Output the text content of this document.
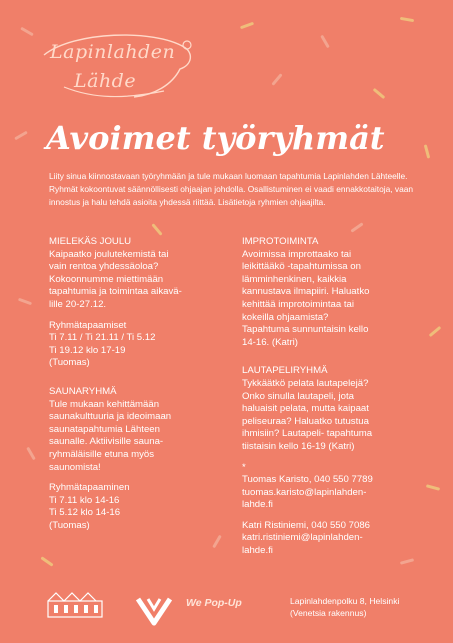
Lapinlahden
Lähde
Avoimet työryhmät
Liity sinua kiinnostavaan työryhmään ja tule mukaan luomaan tapahtumia Lapinlahden Lähteelle. Ryhmät kokoontuvat säännöllisesti ohjaajan johdolla. Osallistuminen ei vaadi ennakkotaitoja, vaan innostus ja halu tehdä asioita yhdessä riittää. Lisätietoja ryhmien ohjaajilta.
MIELEKÄS JOULU
Kaipaatko joulutekemistä tai
vain rentoa yhdessäoloa?
Kokoonnumme miettimään
tapahtumia ja toimintaa aikavä-
lille 20-27.12.
Ryhmätapaamiset
Ti 7.11 / Ti 21.11 / Ti 5.12
Ti 19.12 klo 17-19
(Tuomas)
SAUNARYHMÄ
Tule mukaan kehittämään
saunakulttuuria ja ideoimaan
saunatapahtumia Lähteen
saunalle. Aktiivisille sauna-
ryhmäläisille etuna myös
saunomista!
Ryhmätapaaminen
Ti 7.11 klo 14-16
Ti 5.12 klo 14-16
(Tuomas)
IMPROTOIMINTA
Avoimissa improttaako tai
leikittääkö -tapahtumissa on
lämminhenkinen, kaikkia
kannustava ilmapiiri. Haluatko
kehittää improtoimintaa tai
kokeilla ohjaamista?
Tapahtuma sunnuntaisin kello
14-16. (Katri)
LAUTAPELIRYHMÄ
Tykkäätkö pelata lautapelejä?
Onko sinulla lautapeli, jota
haluaisit pelata, mutta kaipaat
peliseuraa? Haluatko tutustua
ihmisiin? Lautapeli- tapahtuma
tiistaisin kello 16-19 (Katri)
*
Tuomas Karisto, 040 550 7789
tuomas.karisto@lapinlahden-
lahde.fi
Katri Ristiniemi, 040 550 7086
katri.ristiniemi@lapinlahden-
lahde.fi
We Pop-Up	Lapinlahdenpolku 8, Helsinki
(Venetsia rakennus)
